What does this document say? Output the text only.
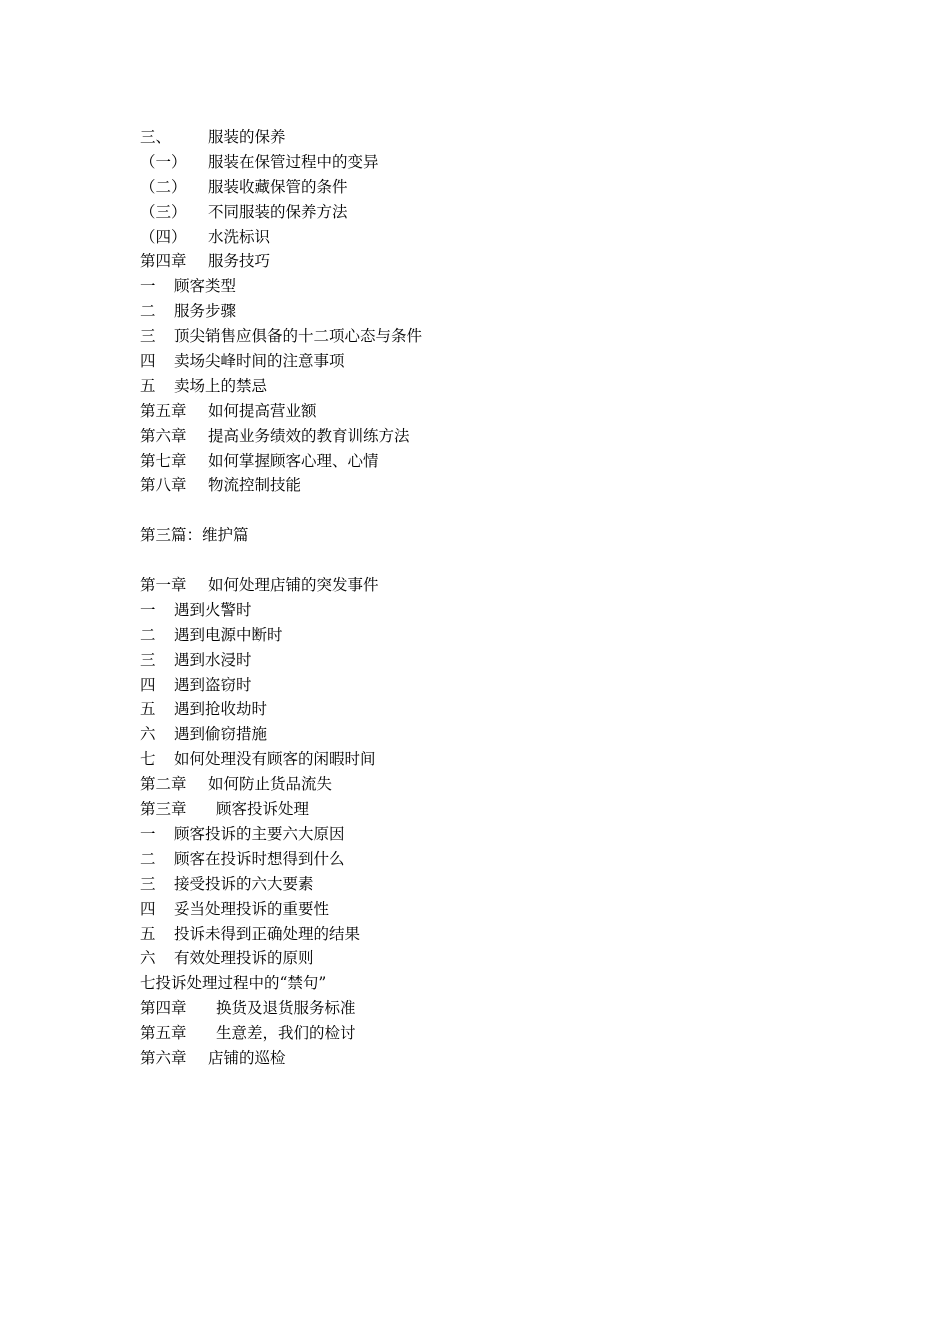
三、	服装的保养
（一）	服装在保管过程中的变异
（二）	服装收藏保管的条件
（三）	不同服装的保养方法
（四）	水洗标识
第四章	服务技巧
一	顾客类型
二	服务步骤
三	顶尖销售应俱备的十二项心态与条件
四	卖场尖峰时间的注意事项
五	卖场上的禁忌
第五章	如何提高营业额
第六章	提高业务绩效的教育训练方法
第七章	如何掌握顾客心理、心情
第八章	物流控制技能
第三篇：维护篇
第一章	如何处理店铺的突发事件
一	遇到火警时
二	遇到电源中断时
三	遇到水浸时
四	遇到盗窃时
五	遇到抢收劫时
六	遇到偷窃措施
七	如何处理没有顾客的闲暇时间
第二章	如何防止货品流失
第三章	顾客投诉处理
一	顾客投诉的主要六大原因
二	顾客在投诉时想得到什么
三	接受投诉的六大要素
四	妥当处理投诉的重要性
五	投诉未得到正确处理的结果
六	有效处理投诉的原则
七投诉处理过程中的“禁句”
第四章	换货及退货服务标准
第五章	生意差，我们的检讨
第六章	店铺的巡检
